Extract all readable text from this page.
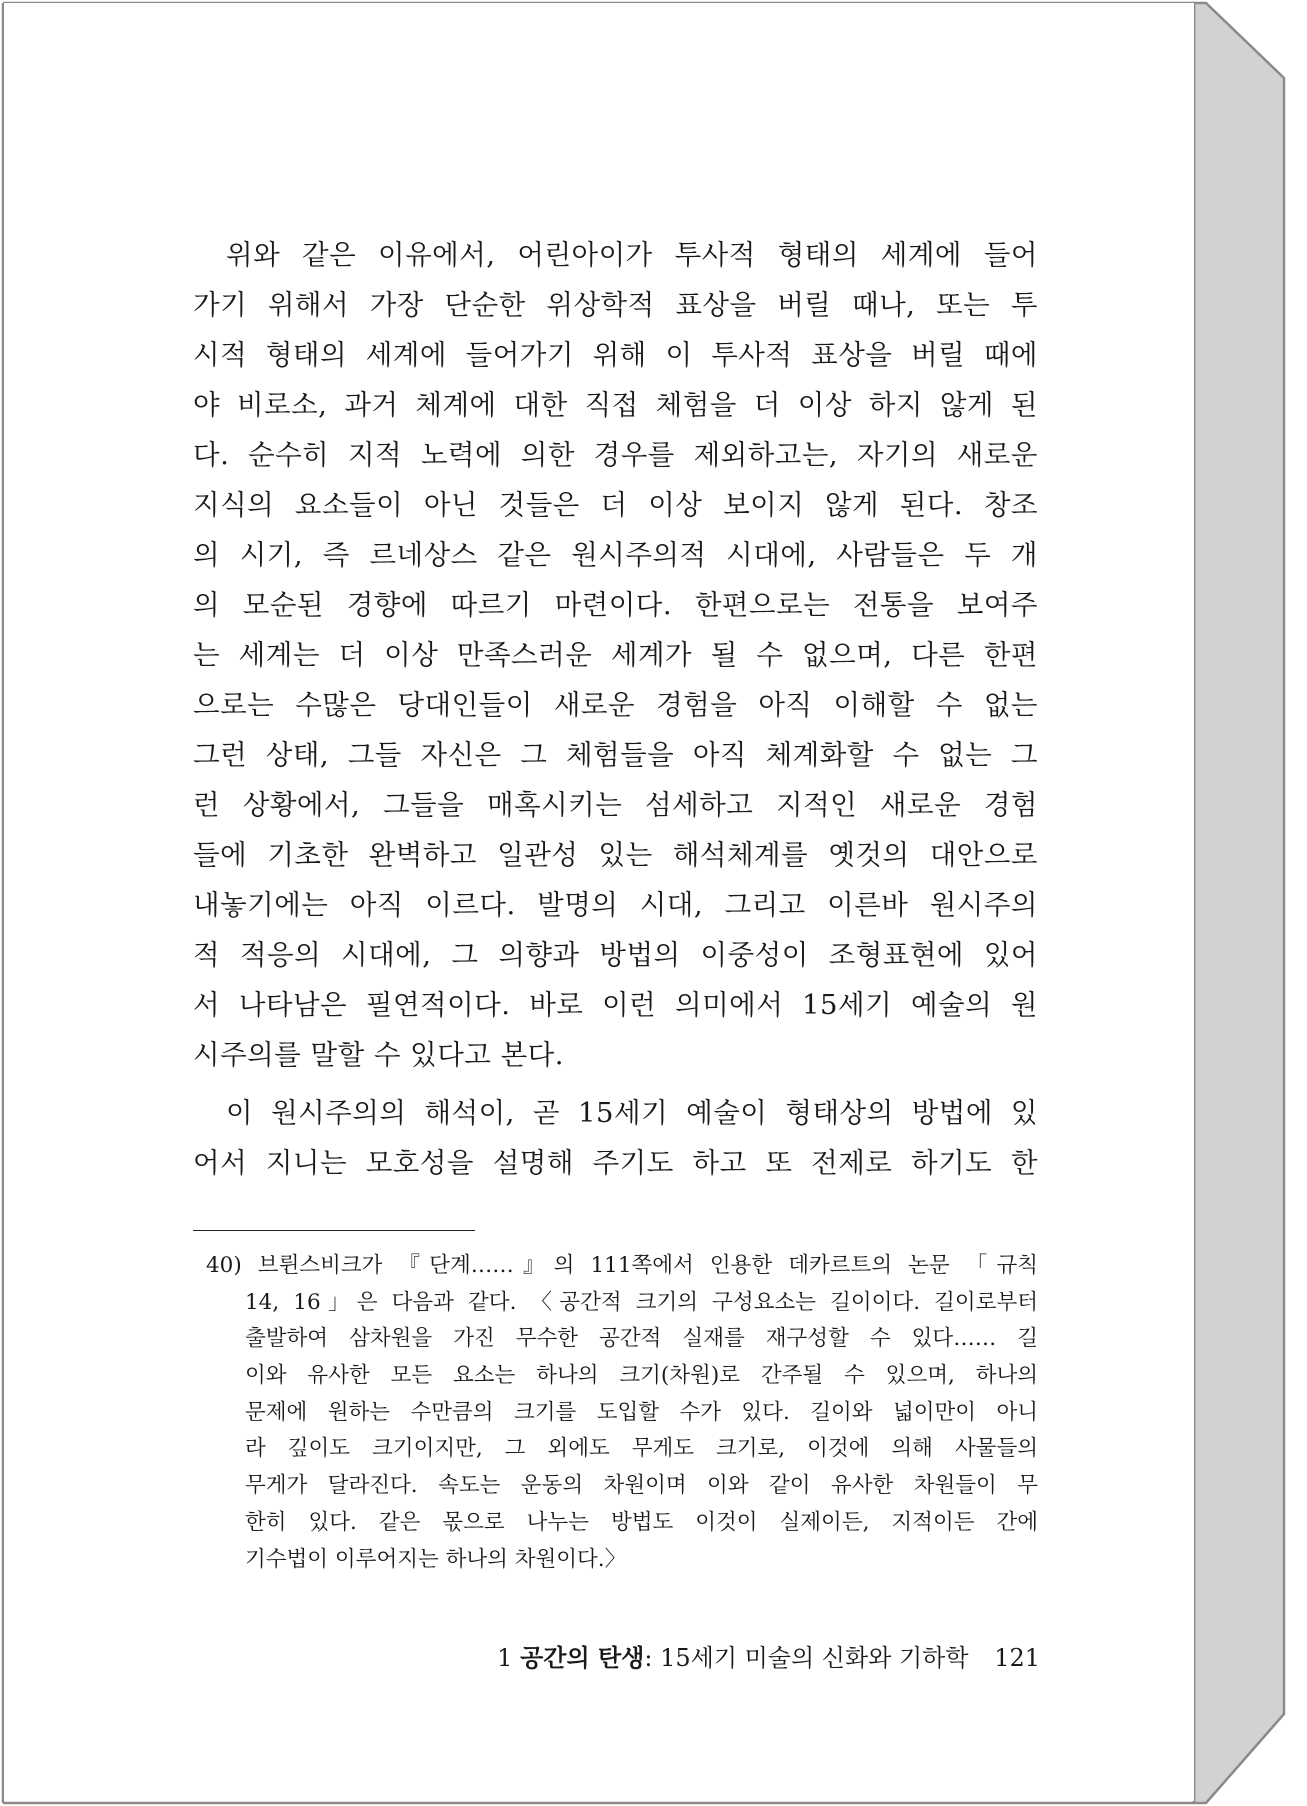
위와 같은 이유에서, 어린아이가 투사적 형태의 세계에 들어
가기 위해서 가장 단순한 위상학적 표상을 버릴 때나, 또는 투
시적 형태의 세계에 들어가기 위해 이 투사적 표상을 버릴 때에
야 비로소, 과거 체계에 대한 직접 체험을 더 이상 하지 않게 된
다. 순수히 지적 노력에 의한 경우를 제외하고는, 자기의 새로운
지식의 요소들이 아닌 것들은 더 이상 보이지 않게 된다. 창조
의 시기, 즉 르네상스 같은 원시주의적 시대에, 사람들은 두 개
의 모순된 경향에 따르기 마련이다. 한편으로는 전통을 보여주
는 세계는 더 이상 만족스러운 세계가 될 수 없으며, 다른 한편
으로는 수많은 당대인들이 새로운 경험을 아직 이해할 수 없는
그런 상태, 그들 자신은 그 체험들을 아직 체계화할 수 없는 그
런 상황에서, 그들을 매혹시키는 섬세하고 지적인 새로운 경험
들에 기초한 완벽하고 일관성 있는 해석체계를 옛것의 대안으로
내놓기에는 아직 이르다. 발명의 시대, 그리고 이른바 원시주의
적 적응의 시대에, 그 의향과 방법의 이중성이 조형표현에 있어
서 나타남은 필연적이다. 바로 이런 의미에서 15세기 예술의 원
시주의를 말할 수 있다고 본다.

이 원시주의의 해석이, 곧 15세기 예술이 형태상의 방법에 있
어서 지니는 모호성을 설명해 주기도 하고 또 전제로 하기도 한

40) 브륀스비크가 『단계……』의 111쪽에서 인용한 데카르트의 논문 「규칙
14, 16」은 다음과 같다. 〈공간적 크기의 구성요소는 길이이다. 길이로부터
출발하여 삼차원을 가진 무수한 공간적 실재를 재구성할 수 있다…… 길
이와 유사한 모든 요소는 하나의 크기(차원)로 간주될 수 있으며, 하나의
문제에 원하는 수만큼의 크기를 도입할 수가 있다. 길이와 넓이만이 아니
라 깊이도 크기이지만, 그 외에도 무게도 크기로, 이것에 의해 사물들의
무게가 달라진다. 속도는 운동의 차원이며 이와 같이 유사한 차원들이 무
한히 있다. 같은 몫으로 나누는 방법도 이것이 실제이든, 지적이든 간에
기수법이 이루어지는 하나의 차원이다.〉
1 공간의 탄생: 15세기 미술의 신화와 기하학 121
